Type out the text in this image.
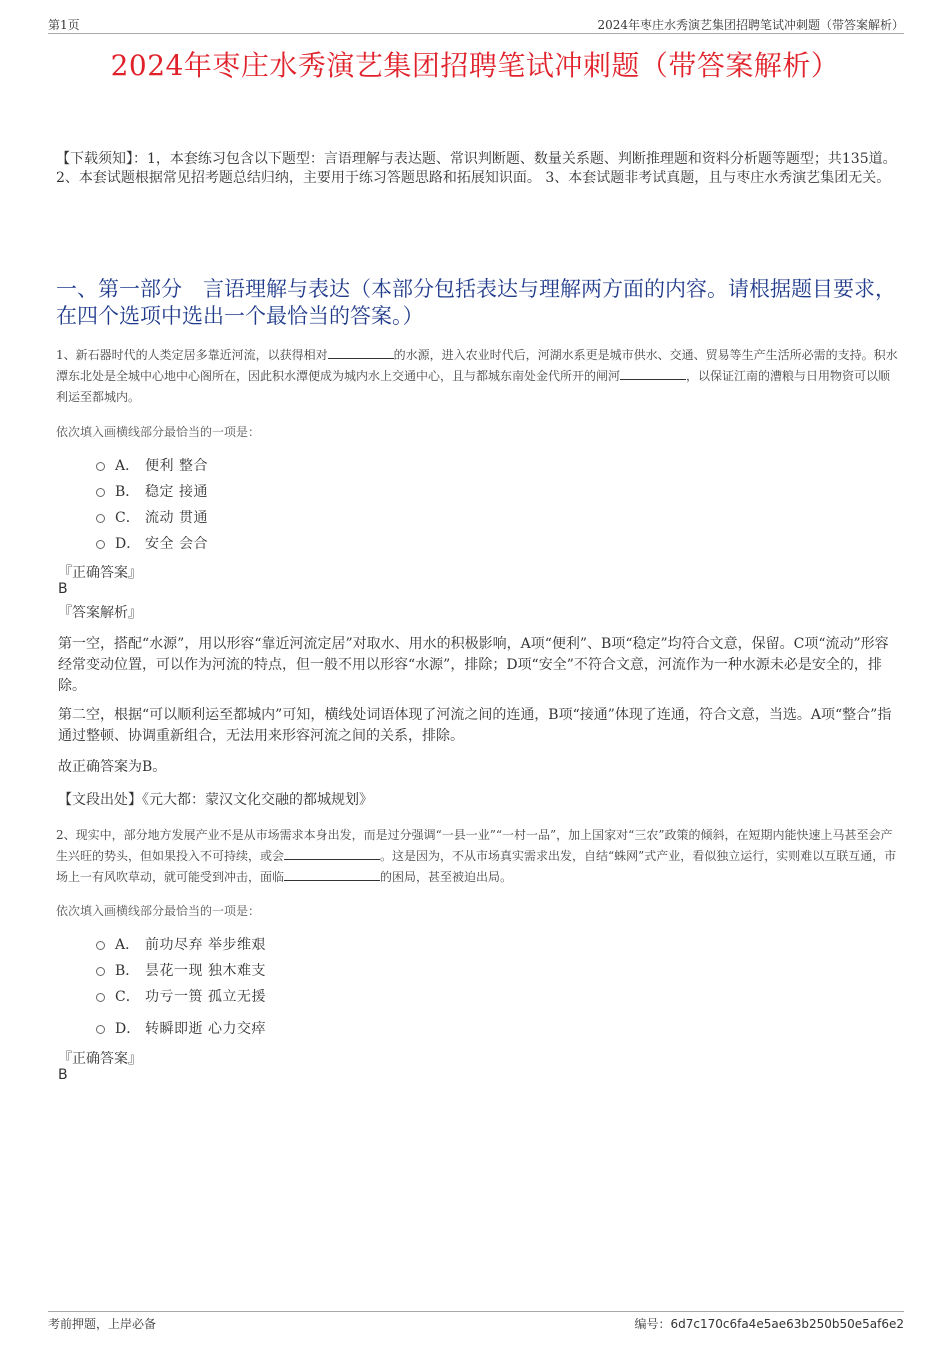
第1页	2024年枣庄水秀演艺集团招聘笔试冲刺题（带答案解析）
2024年枣庄水秀演艺集团招聘笔试冲刺题（带答案解析）
【下载须知】：1，本套练习包含以下题型：言语理解与表达题、常识判断题、数量关系题、判断推理题和资料分析题等题型；共135道。 2、本套试题根据常见招考题总结归纳，主要用于练习答题思路和拓展知识面。 3、本套试题非考试真题，且与枣庄水秀演艺集团无关。
一、第一部分　言语理解与表达（本部分包括表达与理解两方面的内容。请根据题目要求，在四个选项中选出一个最恰当的答案。）
1、新石器时代的人类定居多靠近河流，以获得相对	的水源，进入农业时代后，河湖水系更是城市供水、交通、贸易等生产生活所必需的支持。积水潭东北处是全城中心地中心阁所在，因此积水潭便成为城内水上交通中心，且与都城东南处金代所开的闸河	，以保证江南的漕粮与日用物资可以顺利运至都城内。
依次填入画横线部分最恰当的一项是：
A． 便利 整合
B． 稳定 接通
C． 流动 贯通
D． 安全 会合
『正确答案』
B
『答案解析』
第一空，搭配“水源”，用以形容“靠近河流定居”对取水、用水的积极影响，A项“便利”、B项“稳定”均符合文意，保留。C项“流动”形容经常变动位置，可以作为河流的特点，但一般不用以形容“水源”，排除；D项“安全”不符合文意，河流作为一种水源未必是安全的，排除。
第二空，根据“可以顺利运至都城内”可知，横线处词语体现了河流之间的连通，B项“接通”体现了连通，符合文意，当选。A项“整合”指通过整顿、协调重新组合，无法用来形容河流之间的关系，排除。
故正确答案为B。
【文段出处】《元大都：蒙汉文化交融的都城规划》
2、现实中，部分地方发展产业不是从市场需求本身出发，而是过分强调“一县一业”“一村一品”，加上国家对“三农”政策的倾斜，在短期内能快速上马甚至会产生兴旺的势头，但如果投入不可持续，或会	。这是因为，不从市场真实需求出发，自结“蛛网”式产业，看似独立运行，实则难以互联互通，市场上一有风吹草动，就可能受到冲击，面临	的困局，甚至被迫出局。
依次填入画横线部分最恰当的一项是：
A． 前功尽弃 举步维艰
B． 昙花一现 独木难支
C． 功亏一篑 孤立无援
D． 转瞬即逝 心力交瘁
『正确答案』
B
考前押题，上岸必备	编号：6d7c170c6fa4e5ae63b250b50e5af6e2
